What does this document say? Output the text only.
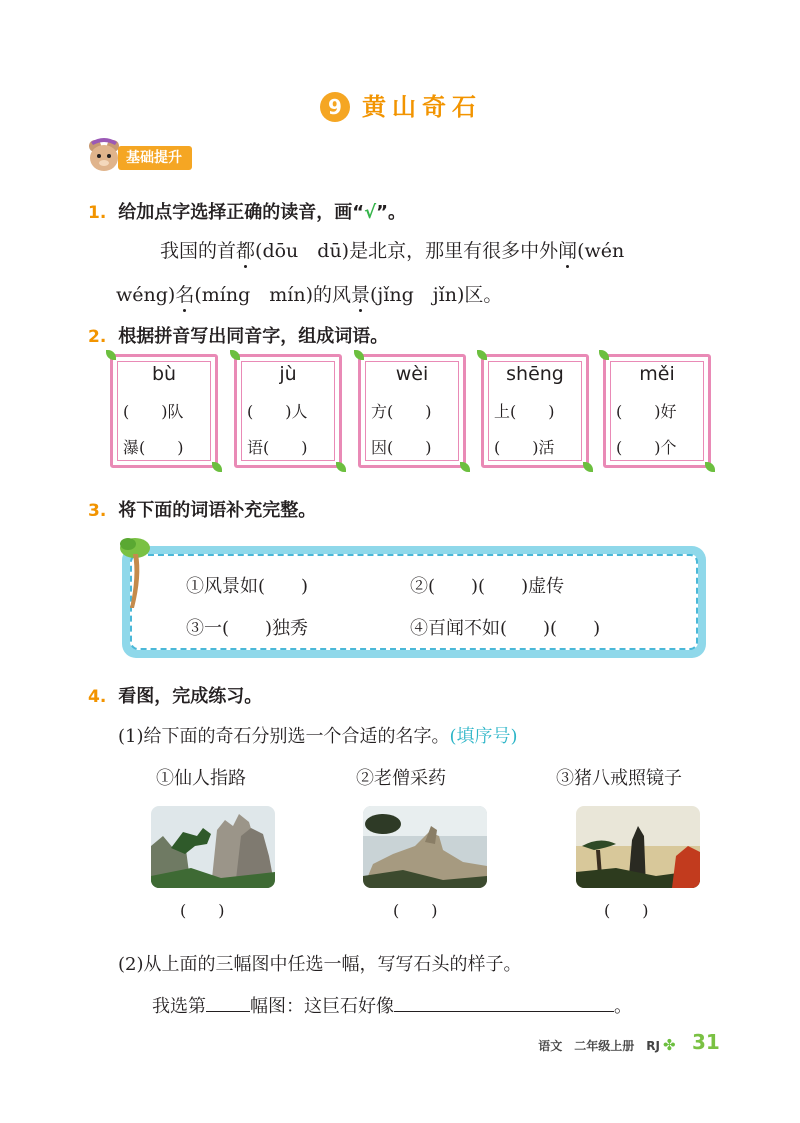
9 黄山奇石
基础提升
1. 给加点字选择正确的读音，画“√”。
我国的首都(dōu　dū)是北京，那里有很多中外闻(wén
wéng)名(míng　mín)的风景(jǐng　jǐn)区。
2. 根据拼音写出同音字，组成词语。
bù
(　　)队
瀑(　　)
jù
(　　)人
语(　　)
wèi
方(　　)
因(　　)
shēng
上(　　)
(　　)活
měi
(　　)好
(　　)个
3. 将下面的词语补充完整。
①风景如(　　)	②(　　)(　　)虚传
③一(　　)独秀	④百闻不如(　　)(　　)
4. 看图，完成练习。
(1)给下面的奇石分别选一个合适的名字。(填序号)
①仙人指路	②老僧采药	③猪八戒照镜子
(　　)	(　　)	(　　)
(2)从上面的三幅图中任选一幅，写写石头的样子。
我选第 幅图：这巨石好像	。
语文　二年级上册　RJ ✤ 31
